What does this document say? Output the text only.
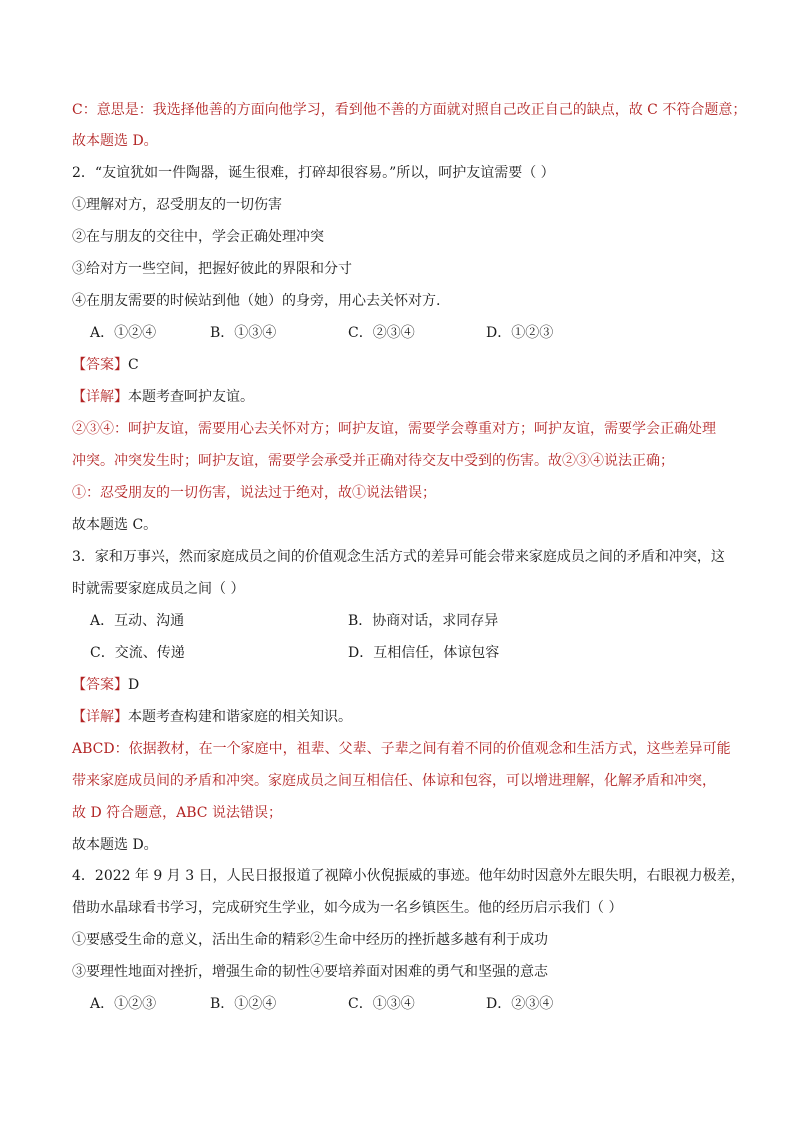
C：意思是：我选择他善的方面向他学习，看到他不善的方面就对照自己改正自己的缺点，故 C 不符合题意；
故本题选 D。
2．“友谊犹如一件陶器，诞生很难，打碎却很容易。”所以，呵护友谊需要（ ）
①理解对方，忍受朋友的一切伤害
②在与朋友的交往中，学会正确处理冲突
③给对方一些空间，把握好彼此的界限和分寸
④在朋友需要的时候站到他（她）的身旁，用心去关怀对方.
A．①②④	B．①③④	C．②③④	D．①②③
【答案】C
【详解】本题考查呵护友谊。
②③④：呵护友谊，需要用心去关怀对方；呵护友谊，需要学会尊重对方；呵护友谊，需要学会正确处理
冲突。冲突发生时；呵护友谊，需要学会承受并正确对待交友中受到的伤害。故②③④说法正确；
①：忍受朋友的一切伤害，说法过于绝对，故①说法错误；
故本题选 C。
3．家和万事兴，然而家庭成员之间的价值观念生活方式的差异可能会带来家庭成员之间的矛盾和冲突，这
时就需要家庭成员之间（ ）
A．互动、沟通	B．协商对话，求同存异
C．交流、传递	D．互相信任，体谅包容
【答案】D
【详解】本题考查构建和谐家庭的相关知识。
ABCD：依据教材，在一个家庭中，祖辈、父辈、子辈之间有着不同的价值观念和生活方式，这些差异可能
带来家庭成员间的矛盾和冲突。家庭成员之间互相信任、体谅和包容，可以增进理解，化解矛盾和冲突，
故 D 符合题意，ABC 说法错误；
故本题选 D。
4．2022 年 9 月 3 日，人民日报报道了视障小伙倪振威的事迹。他年幼时因意外左眼失明，右眼视力极差，
借助水晶球看书学习，完成研究生学业，如今成为一名乡镇医生。他的经历启示我们（ ）
①要感受生命的意义，活出生命的精彩②生命中经历的挫折越多越有利于成功
③要理性地面对挫折，增强生命的韧性④要培养面对困难的勇气和坚强的意志
A．①②③	B．①②④	C．①③④	D．②③④
